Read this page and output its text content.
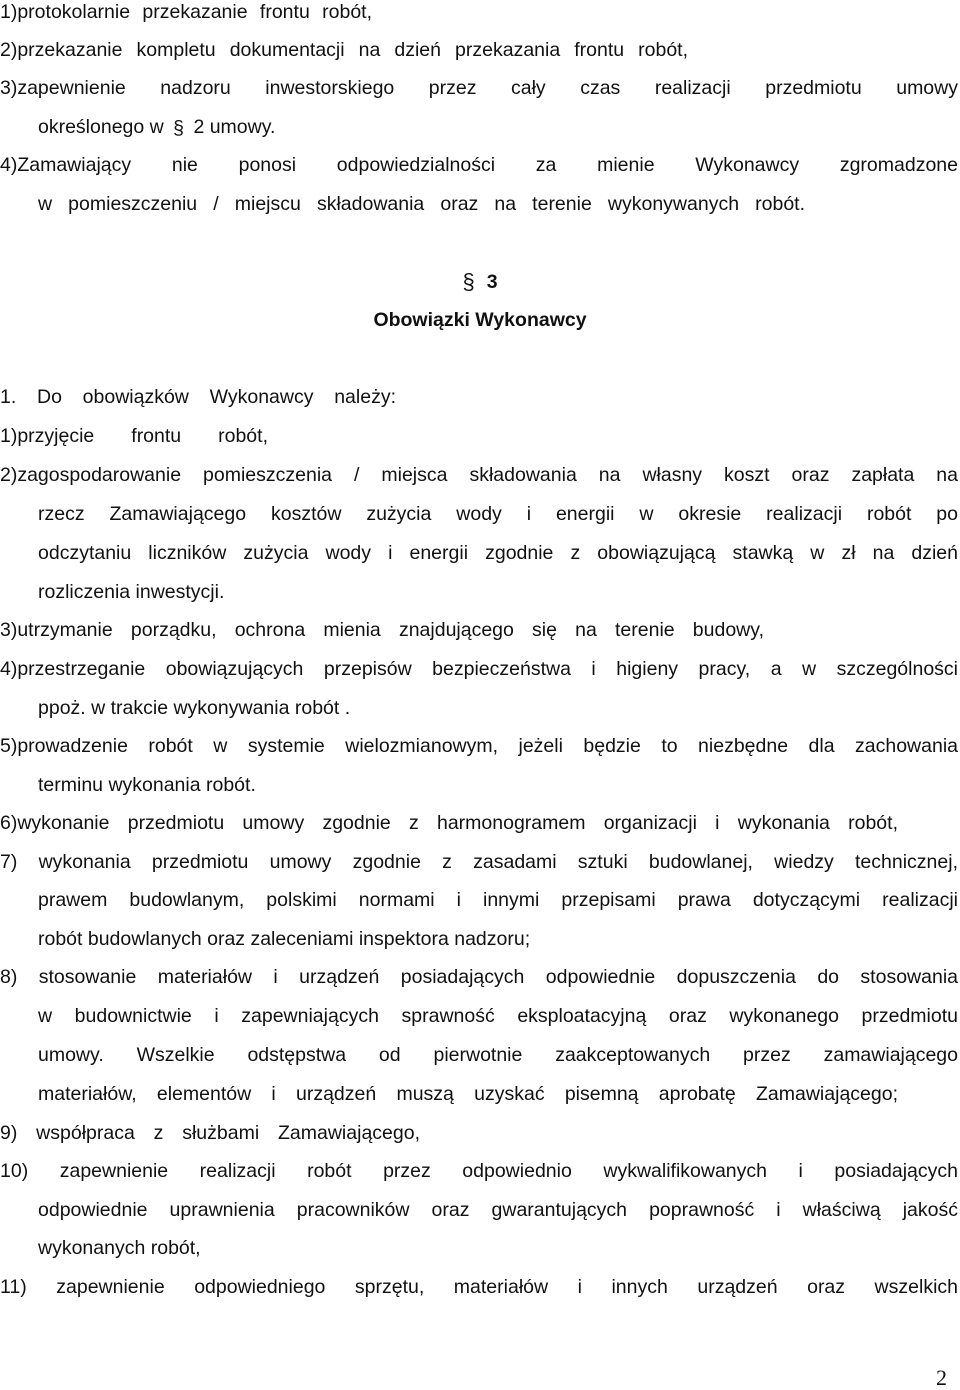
1)protokolarnie przekazanie frontu robót,
2)przekazanie kompletu dokumentacji na dzień przekazania frontu robót,
3)zapewnienie nadzoru inwestorskiego przez cały czas realizacji przedmiotu umowy
określonego w § 2 umowy.
4)Zamawiający nie ponosi odpowiedzialności za mienie Wykonawcy zgromadzone
w pomieszczeniu / miejscu składowania oraz na terenie wykonywanych robót.
§ 3
Obowiązki Wykonawcy
1. Do obowiązków Wykonawcy należy:
1)przyjęcie frontu robót,
2)zagospodarowanie pomieszczenia / miejsca składowania na własny koszt oraz zapłata na
rzecz Zamawiającego kosztów zużycia wody i energii w okresie realizacji robót po
odczytaniu liczników zużycia wody i energii zgodnie z obowiązującą stawką w zł na dzień
rozliczenia inwestycji.
3)utrzymanie porządku, ochrona mienia znajdującego się na terenie budowy,
4)przestrzeganie obowiązujących przepisów bezpieczeństwa i higieny pracy, a w szczególności
ppoż. w trakcie wykonywania robót .
5)prowadzenie robót w systemie wielozmianowym, jeżeli będzie to niezbędne dla zachowania
terminu wykonania robót.
6)wykonanie przedmiotu umowy zgodnie z harmonogramem organizacji i wykonania robót,
7) wykonania przedmiotu umowy zgodnie z zasadami sztuki budowlanej, wiedzy technicznej,
prawem budowlanym, polskimi normami i innymi przepisami prawa dotyczącymi realizacji
robót budowlanych oraz zaleceniami inspektora nadzoru;
8) stosowanie materiałów i urządzeń posiadających odpowiednie dopuszczenia do stosowania
w budownictwie i zapewniających sprawność eksploatacyjną oraz wykonanego przedmiotu
umowy. Wszelkie odstępstwa od pierwotnie zaakceptowanych przez zamawiającego
materiałów, elementów i urządzeń muszą uzyskać pisemną aprobatę Zamawiającego;
9) współpraca z służbami Zamawiającego,
10) zapewnienie realizacji robót przez odpowiednio wykwalifikowanych i posiadających
odpowiednie uprawnienia pracowników oraz gwarantujących poprawność i właściwą jakość
wykonanych robót,
11) zapewnienie odpowiedniego sprzętu, materiałów i innych urządzeń oraz wszelkich
2
